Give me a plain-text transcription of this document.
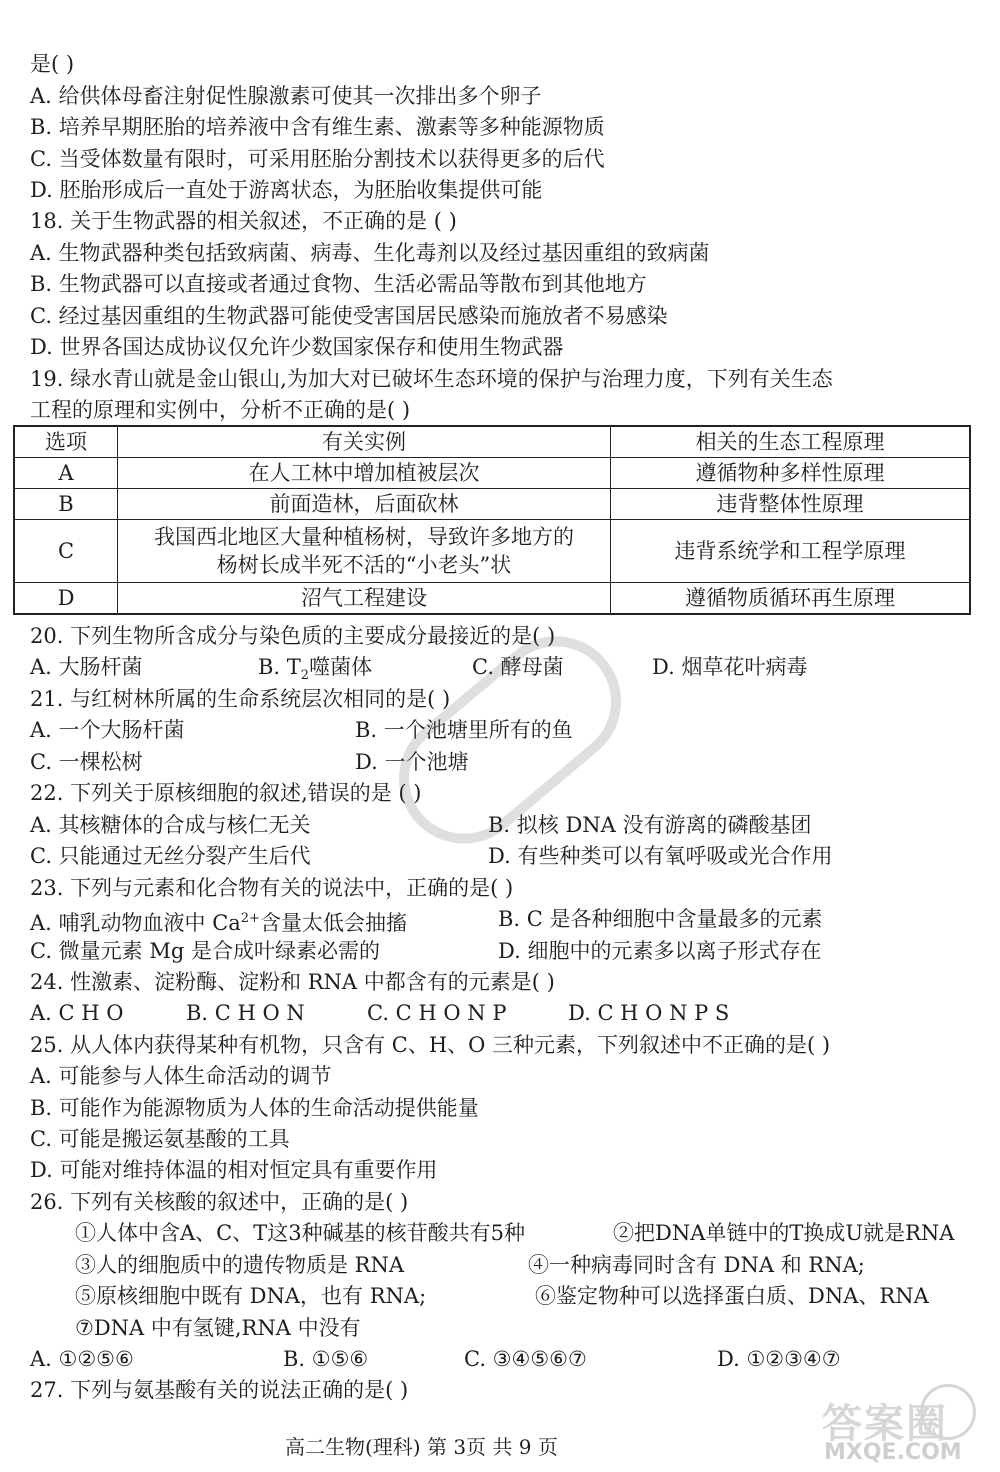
是( )
A. 给供体母畜注射促性腺激素可使其一次排出多个卵子
B. 培养早期胚胎的培养液中含有维生素、激素等多种能源物质
C. 当受体数量有限时，可采用胚胎分割技术以获得更多的后代
D. 胚胎形成后一直处于游离状态，为胚胎收集提供可能
18. 关于生物武器的相关叙述，不正确的是 ( )
A. 生物武器种类包括致病菌、病毒、生化毒剂以及经过基因重组的致病菌
B. 生物武器可以直接或者通过食物、生活必需品等散布到其他地方
C. 经过基因重组的生物武器可能使受害国居民感染而施放者不易感染
D. 世界各国达成协议仅允许少数国家保存和使用生物武器
19. 绿水青山就是金山银山,为加大对已破坏生态环境的保护与治理力度，下列有关生态
工程的原理和实例中，分析不正确的是( )
选项	有关实例	相关的生态工程原理
A	在人工林中增加植被层次	遵循物种多样性原理
B	前面造林，后面砍林	违背整体性原理
C	我国西北地区大量种植杨树，导致许多地方的
杨树长成半死不活的“小老头”状	违背系统学和工程学原理
D	沼气工程建设	遵循物质循环再生原理
20. 下列生物所含成分与染色质的主要成分最接近的是( )
A. 大肠杆菌	B. $T_2$噬菌体	C. 酵母菌	D. 烟草花叶病毒
21. 与红树林所属的生命系统层次相同的是( )
A. 一个大肠杆菌	B. 一个池塘里所有的鱼
C. 一棵松树	D. 一个池塘
22. 下列关于原核细胞的叙述,错误的是 ( )
A. 其核糖体的合成与核仁无关	B. 拟核 DNA 没有游离的磷酸基团
C. 只能通过无丝分裂产生后代	D. 有些种类可以有氧呼吸或光合作用
23. 下列与元素和化合物有关的说法中，正确的是( )
A. 哺乳动物血液中 $Ca^{2+}$含量太低会抽搐	B. C 是各种细胞中含量最多的元素
C. 微量元素 Mg 是合成叶绿素必需的	D. 细胞中的元素多以离子形式存在
24. 性激素、淀粉酶、淀粉和 RNA 中都含有的元素是( )
A. C H O	B. C H O N	C. C H O N P	D. C H O N P S
25. 从人体内获得某种有机物，只含有 C、H、O 三种元素，下列叙述中不正确的是( )
A. 可能参与人体生命活动的调节
B. 可能作为能源物质为人体的生命活动提供能量
C. 可能是搬运氨基酸的工具
D. 可能对维持体温的相对恒定具有重要作用
26. 下列有关核酸的叙述中，正确的是( )
①人体中含A、C、T这3种碱基的核苷酸共有5种	②把DNA单链中的T换成U就是RNA
③人的细胞质中的遗传物质是 RNA	④一种病毒同时含有 DNA 和 RNA;
⑤原核细胞中既有 DNA，也有 RNA;	⑥鉴定物种可以选择蛋白质、DNA、RNA
⑦DNA 中有氢键,RNA 中没有
A. ①②⑤⑥	B. ①⑤⑥	C. ③④⑤⑥⑦	D. ①②③④⑦
27. 下列与氨基酸有关的说法正确的是( )
高二生物(理科) 第 3页 共 9 页	答案圈
MXQE.COM
